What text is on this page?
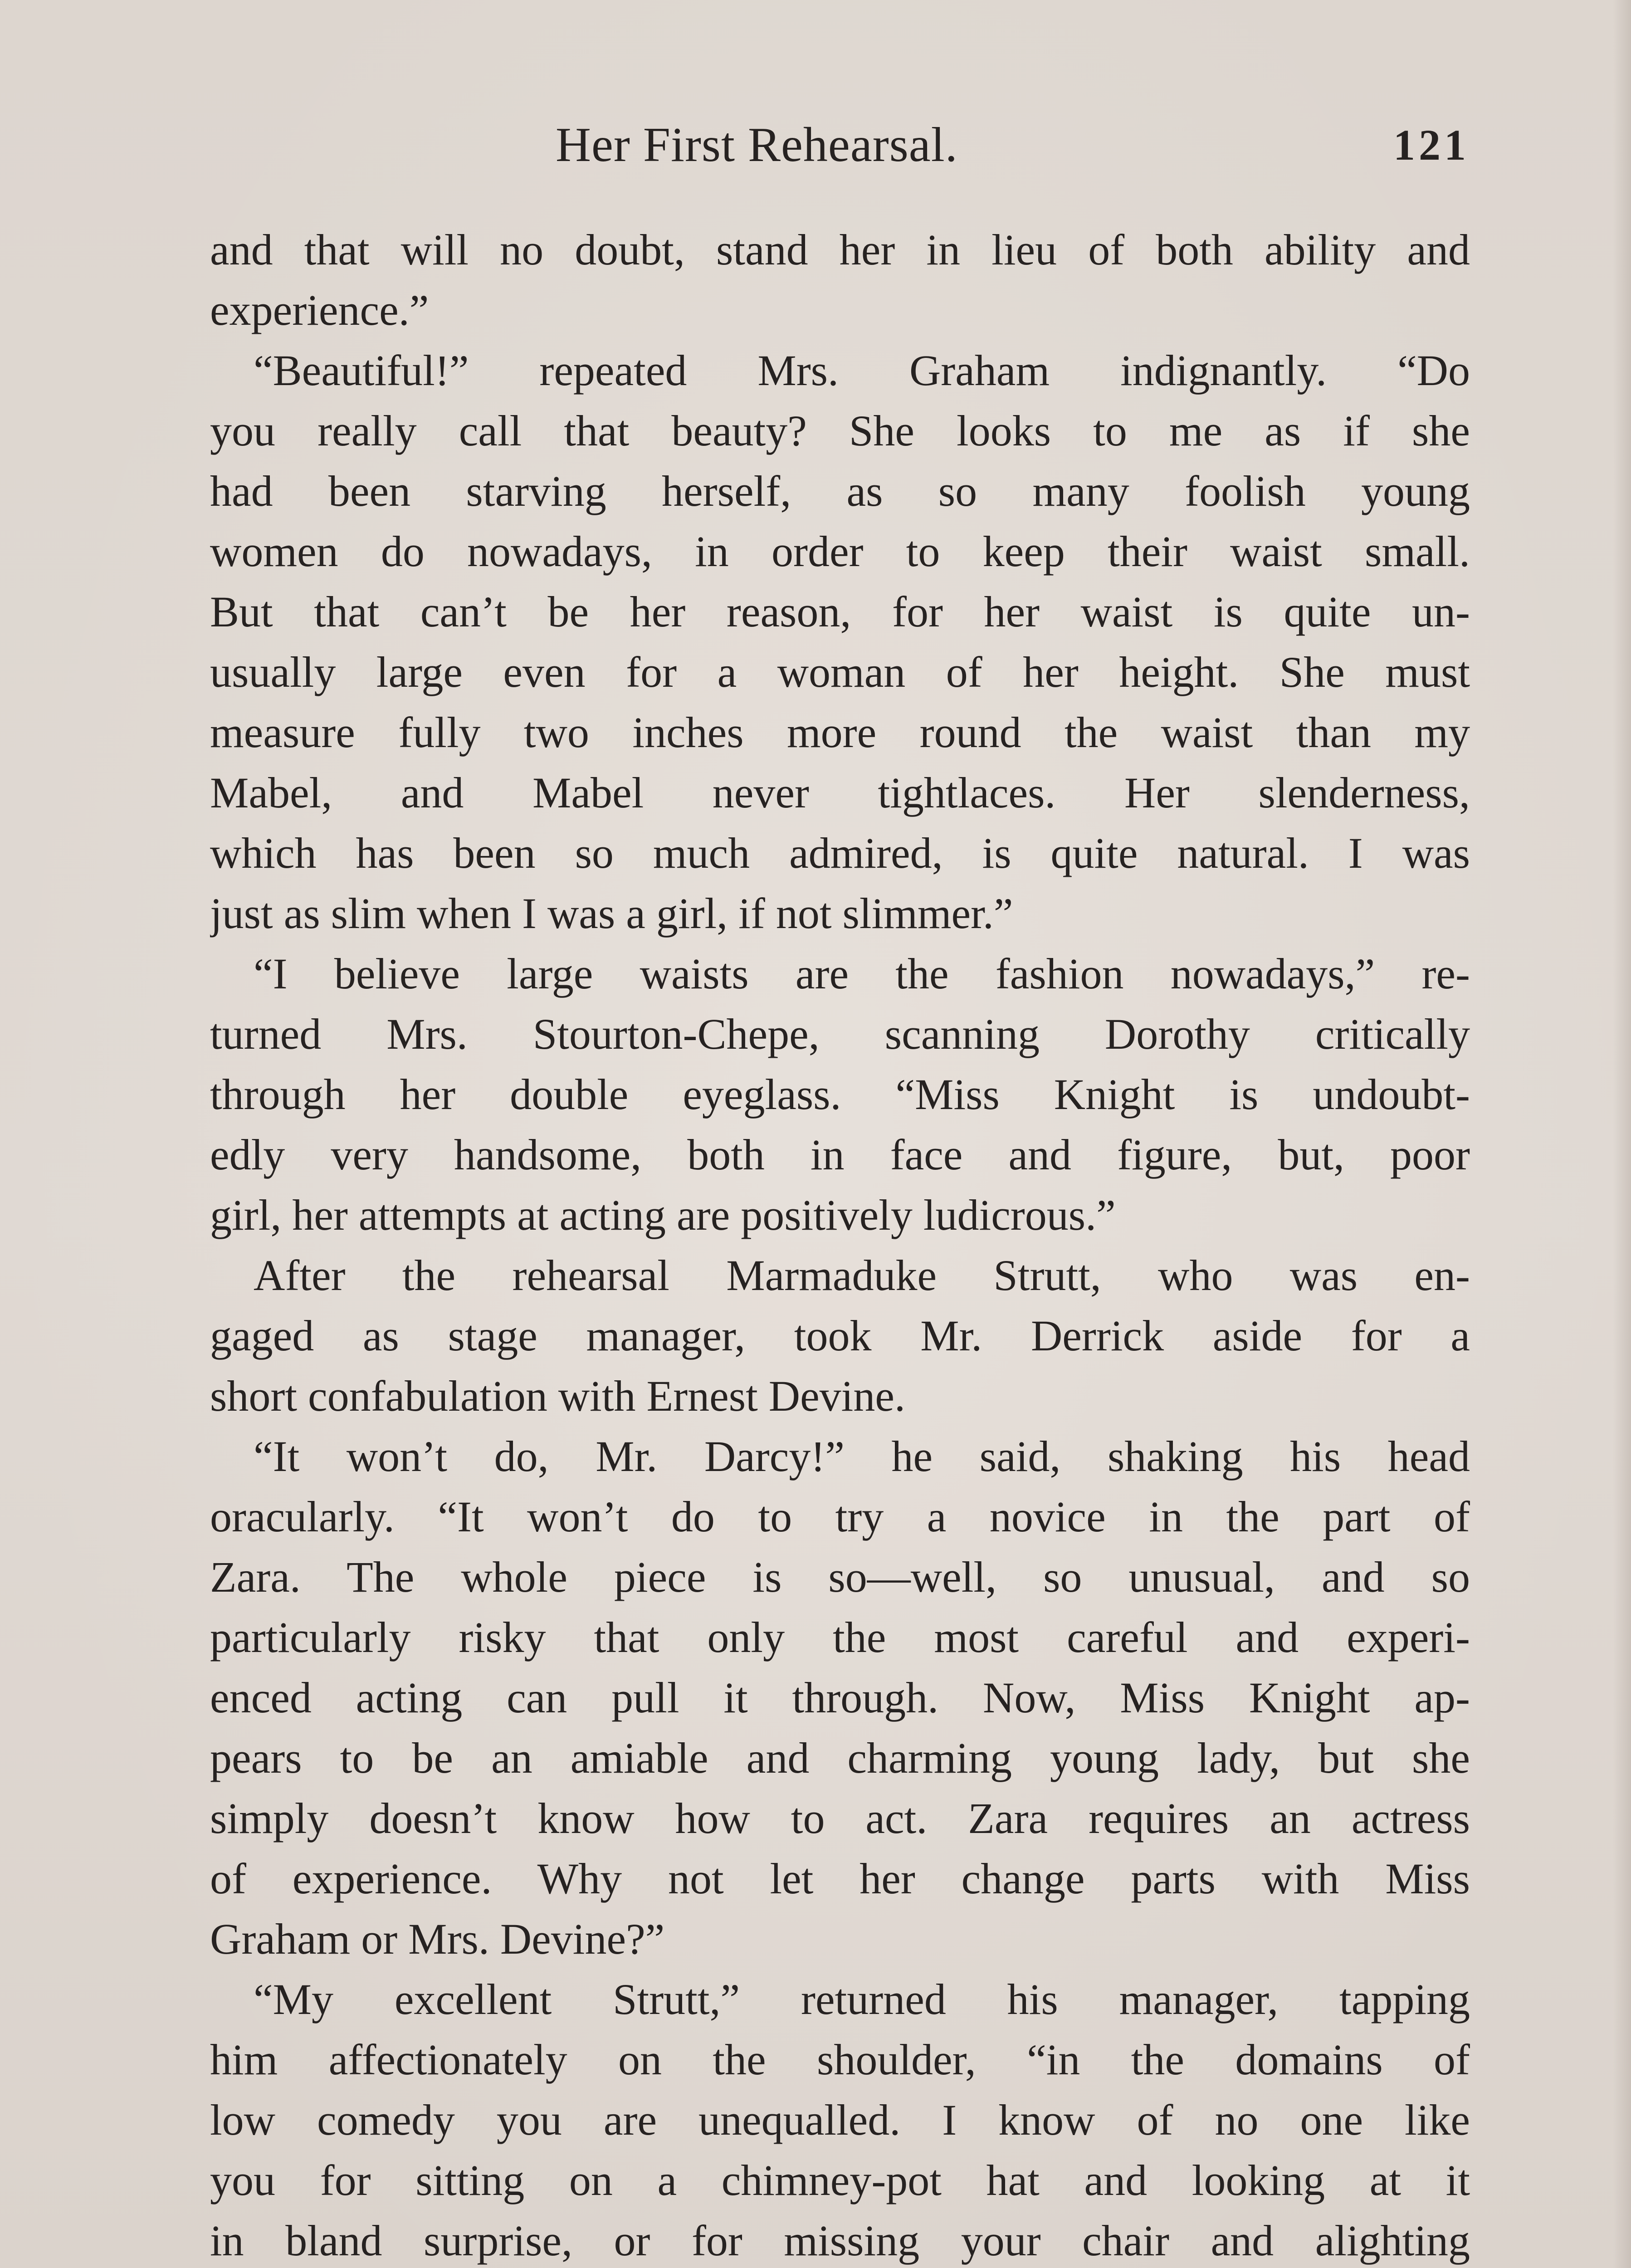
Her First Rehearsal.	121
and that will no doubt, stand her in lieu of both ability and
experience.”
“Beautiful!” repeated Mrs. Graham indignantly. “Do
you really call that beauty? She looks to me as if she
had been starving herself, as so many foolish young
women do nowadays, in order to keep their waist small.
But that can’t be her reason, for her waist is quite un-
usually large even for a woman of her height. She must
measure fully two inches more round the waist than my
Mabel, and Mabel never tightlaces. Her slenderness,
which has been so much admired, is quite natural. I was
just as slim when I was a girl, if not slimmer.”
“I believe large waists are the fashion nowadays,” re-
turned Mrs. Stourton-Chepe, scanning Dorothy critically
through her double eyeglass. “Miss Knight is undoubt-
edly very handsome, both in face and figure, but, poor
girl, her attempts at acting are positively ludicrous.”
After the rehearsal Marmaduke Strutt, who was en-
gaged as stage manager, took Mr. Derrick aside for a
short confabulation with Ernest Devine.
“It won’t do, Mr. Darcy!” he said, shaking his head
oracularly. “It won’t do to try a novice in the part of
Zara. The whole piece is so—well, so unusual, and so
particularly risky that only the most careful and experi-
enced acting can pull it through. Now, Miss Knight ap-
pears to be an amiable and charming young lady, but she
simply doesn’t know how to act. Zara requires an actress
of experience. Why not let her change parts with Miss
Graham or Mrs. Devine?”
“My excellent Strutt,” returned his manager, tapping
him affectionately on the shoulder, “in the domains of
low comedy you are unequalled. I know of no one like
you for sitting on a chimney-pot hat and looking at it
in bland surprise, or for missing your chair and alighting
